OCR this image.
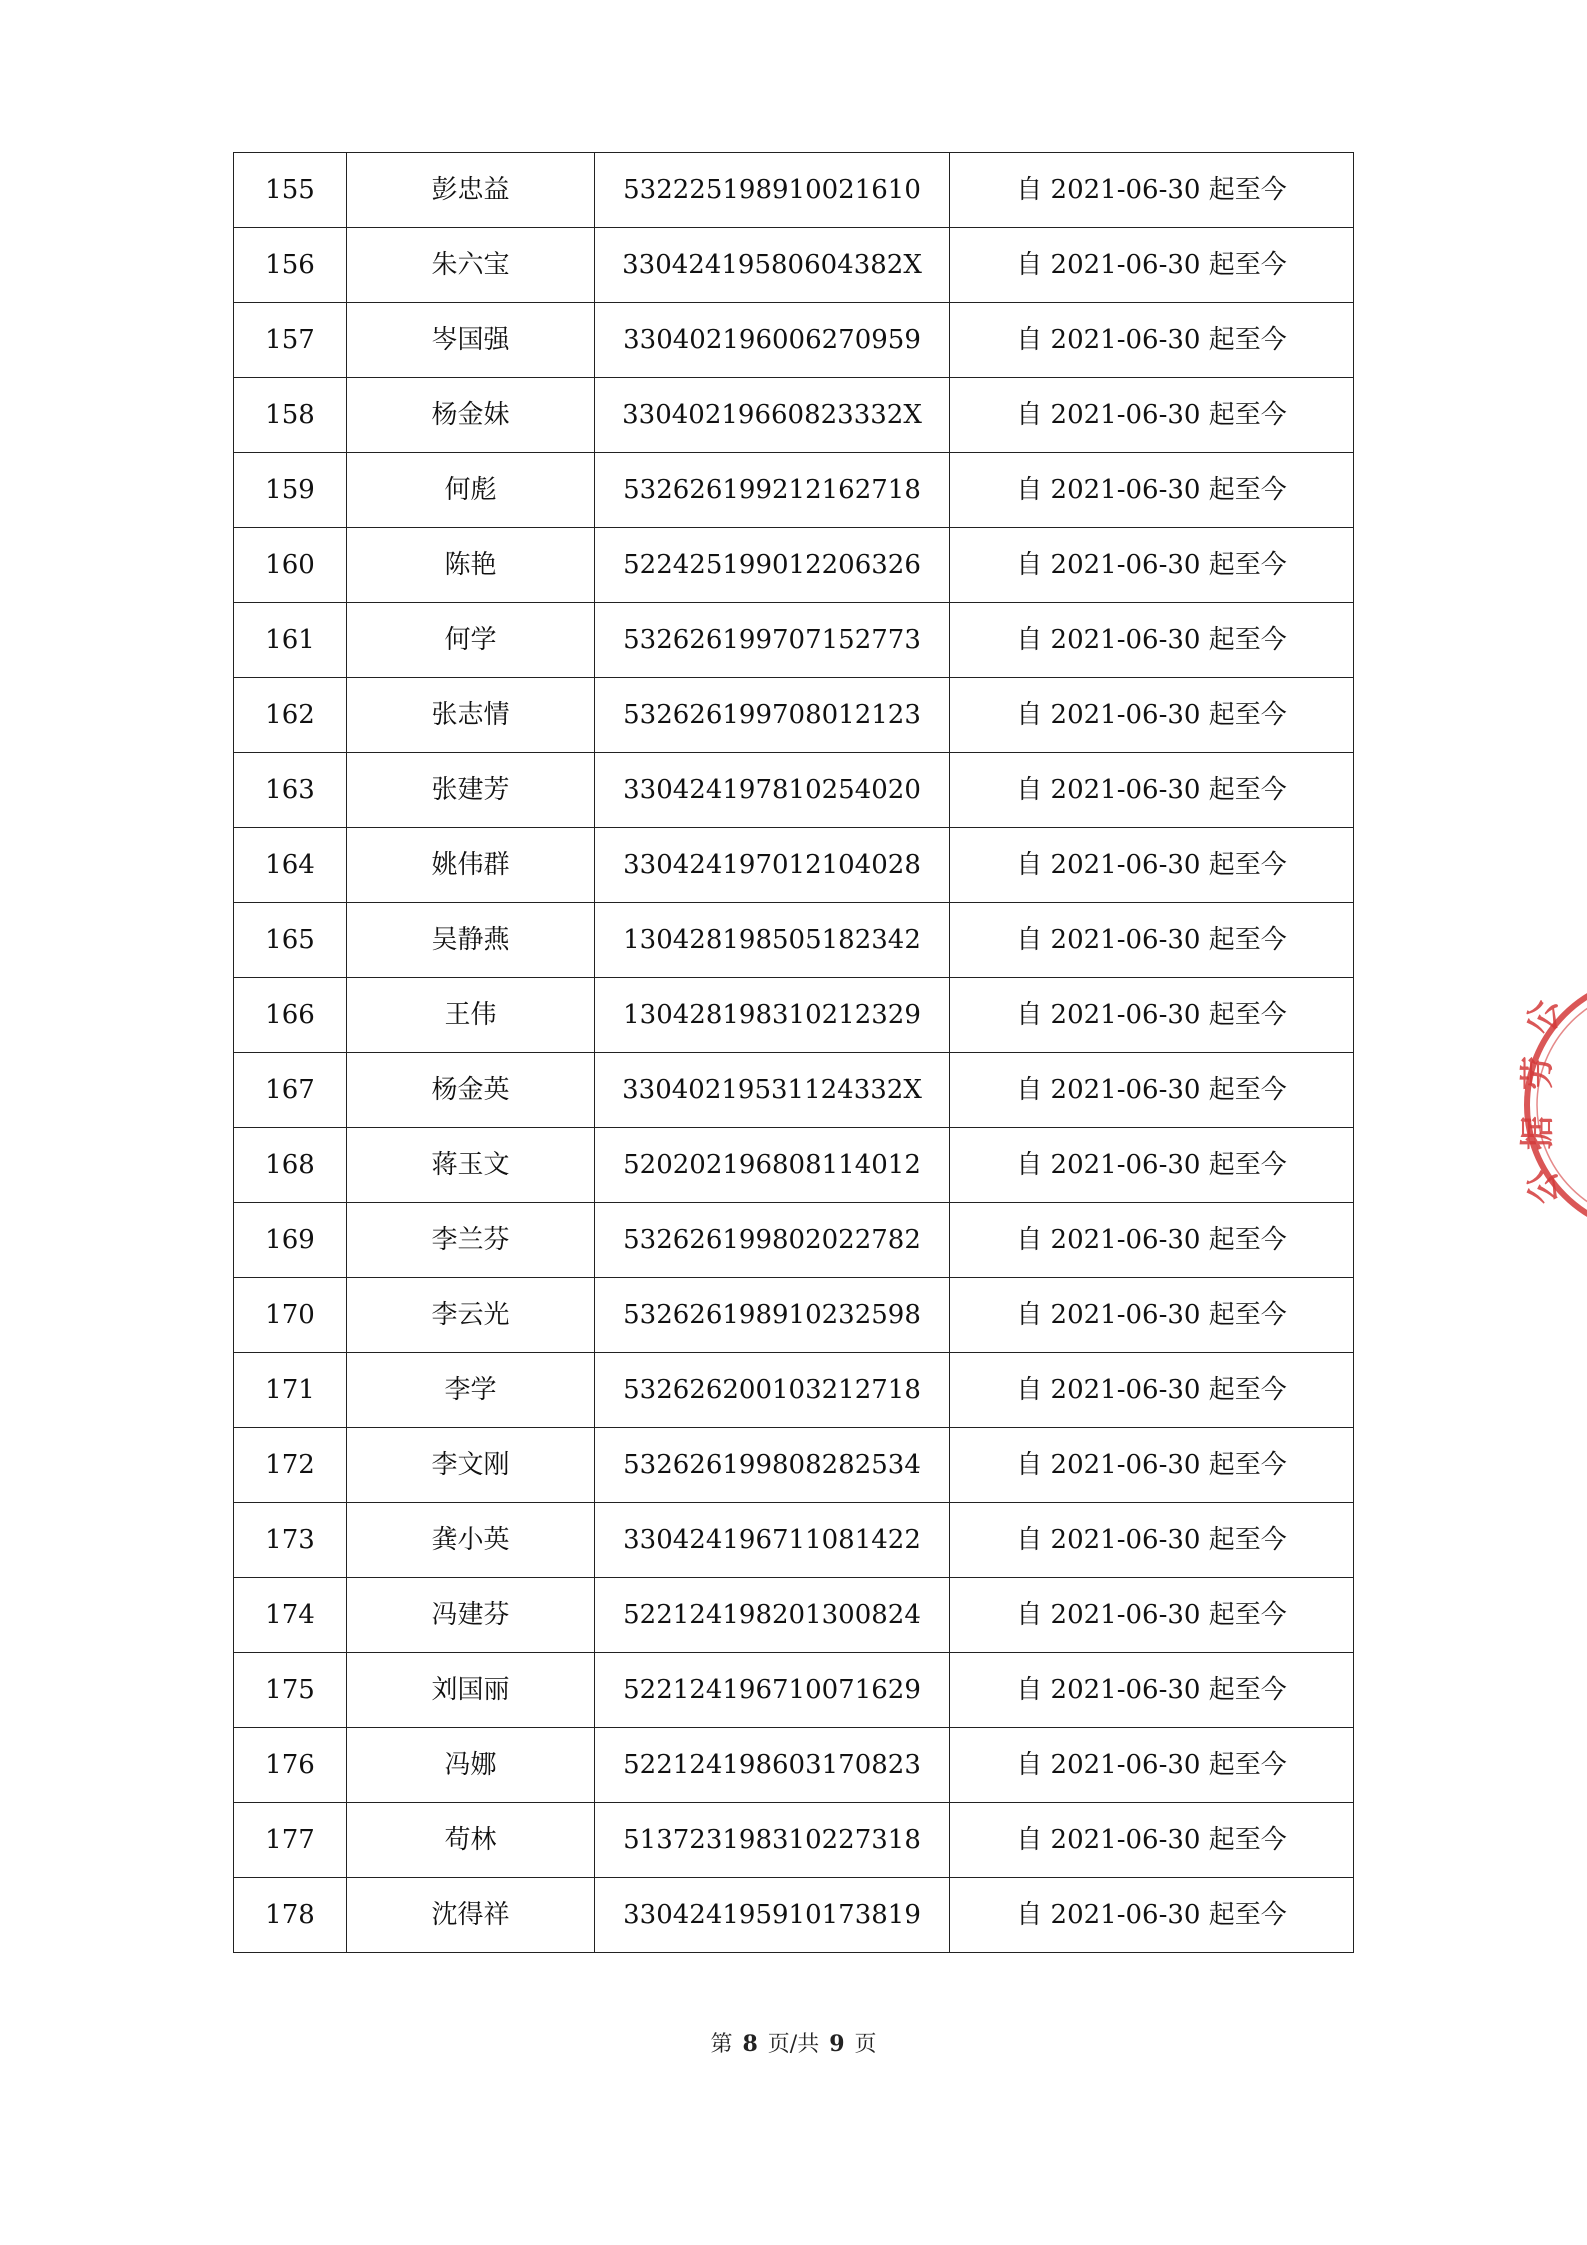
155	彭忠益	532225198910021610	自 2021-06-30 起至今
156	朱六宝	33042419580604382X	自 2021-06-30 起至今
157	岑国强	330402196006270959	自 2021-06-30 起至今
158	杨金妹	33040219660823332X	自 2021-06-30 起至今
159	何彪	532626199212162718	自 2021-06-30 起至今
160	陈艳	522425199012206326	自 2021-06-30 起至今
161	何学	532626199707152773	自 2021-06-30 起至今
162	张志情	532626199708012123	自 2021-06-30 起至今
163	张建芳	330424197810254020	自 2021-06-30 起至今
164	姚伟群	330424197012104028	自 2021-06-30 起至今
165	吴静燕	130428198505182342	自 2021-06-30 起至今
166	王伟	130428198310212329	自 2021-06-30 起至今
167	杨金英	33040219531124332X	自 2021-06-30 起至今
168	蒋玉文	520202196808114012	自 2021-06-30 起至今
169	李兰芬	532626199802022782	自 2021-06-30 起至今
170	李云光	532626198910232598	自 2021-06-30 起至今
171	李学	532626200103212718	自 2021-06-30 起至今
172	李文刚	532626199808282534	自 2021-06-30 起至今
173	龚小英	330424196711081422	自 2021-06-30 起至今
174	冯建芬	522124198201300824	自 2021-06-30 起至今
175	刘国丽	522124196710071629	自 2021-06-30 起至今
176	冯娜	522124198603170823	自 2021-06-30 起至今
177	苟林	513723198310227318	自 2021-06-30 起至今
178	沈得祥	330424195910173819	自 2021-06-30 起至今
第 8 页/共 9 页
公
劳
据
公
